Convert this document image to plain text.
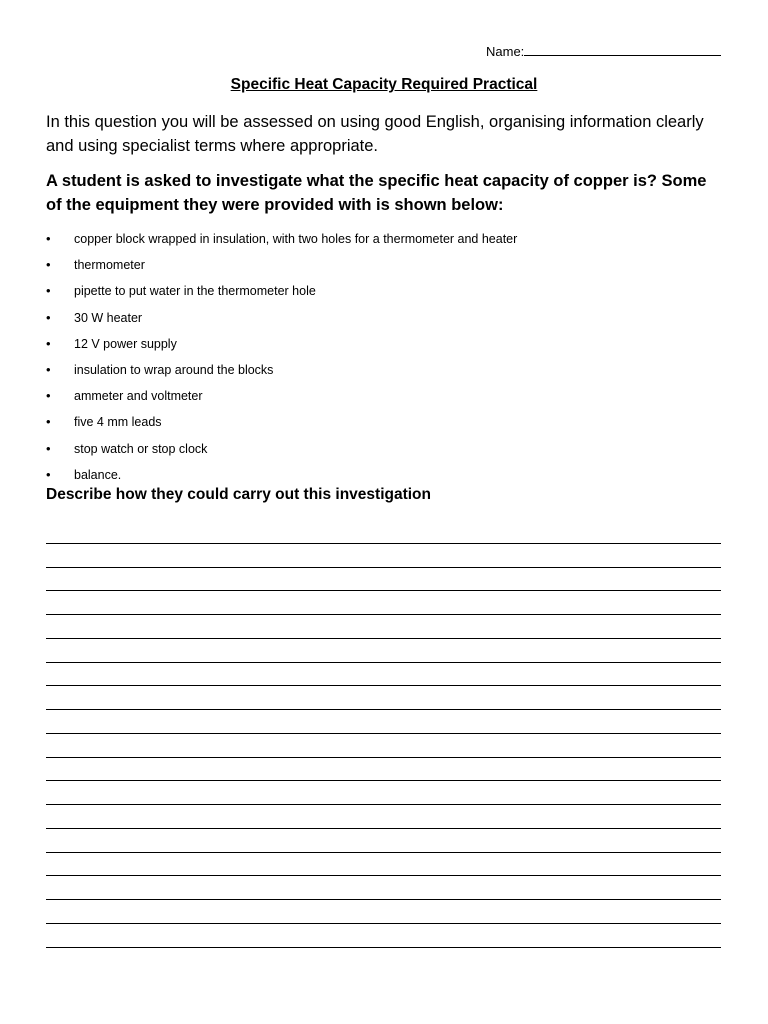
Name:
Specific Heat Capacity Required Practical
In this question you will be assessed on using good English, organising information clearly and using specialist terms where appropriate.
A student is asked to investigate what the specific heat capacity of copper is? Some of the equipment they were provided with is shown below:
• copper block wrapped in insulation, with two holes for a thermometer and heater
• thermometer
• pipette to put water in the thermometer hole
• 30 W heater
• 12 V power supply
• insulation to wrap around the blocks
• ammeter and voltmeter
• five 4 mm leads
• stop watch or stop clock
• balance.
Describe how they could carry out this investigation
